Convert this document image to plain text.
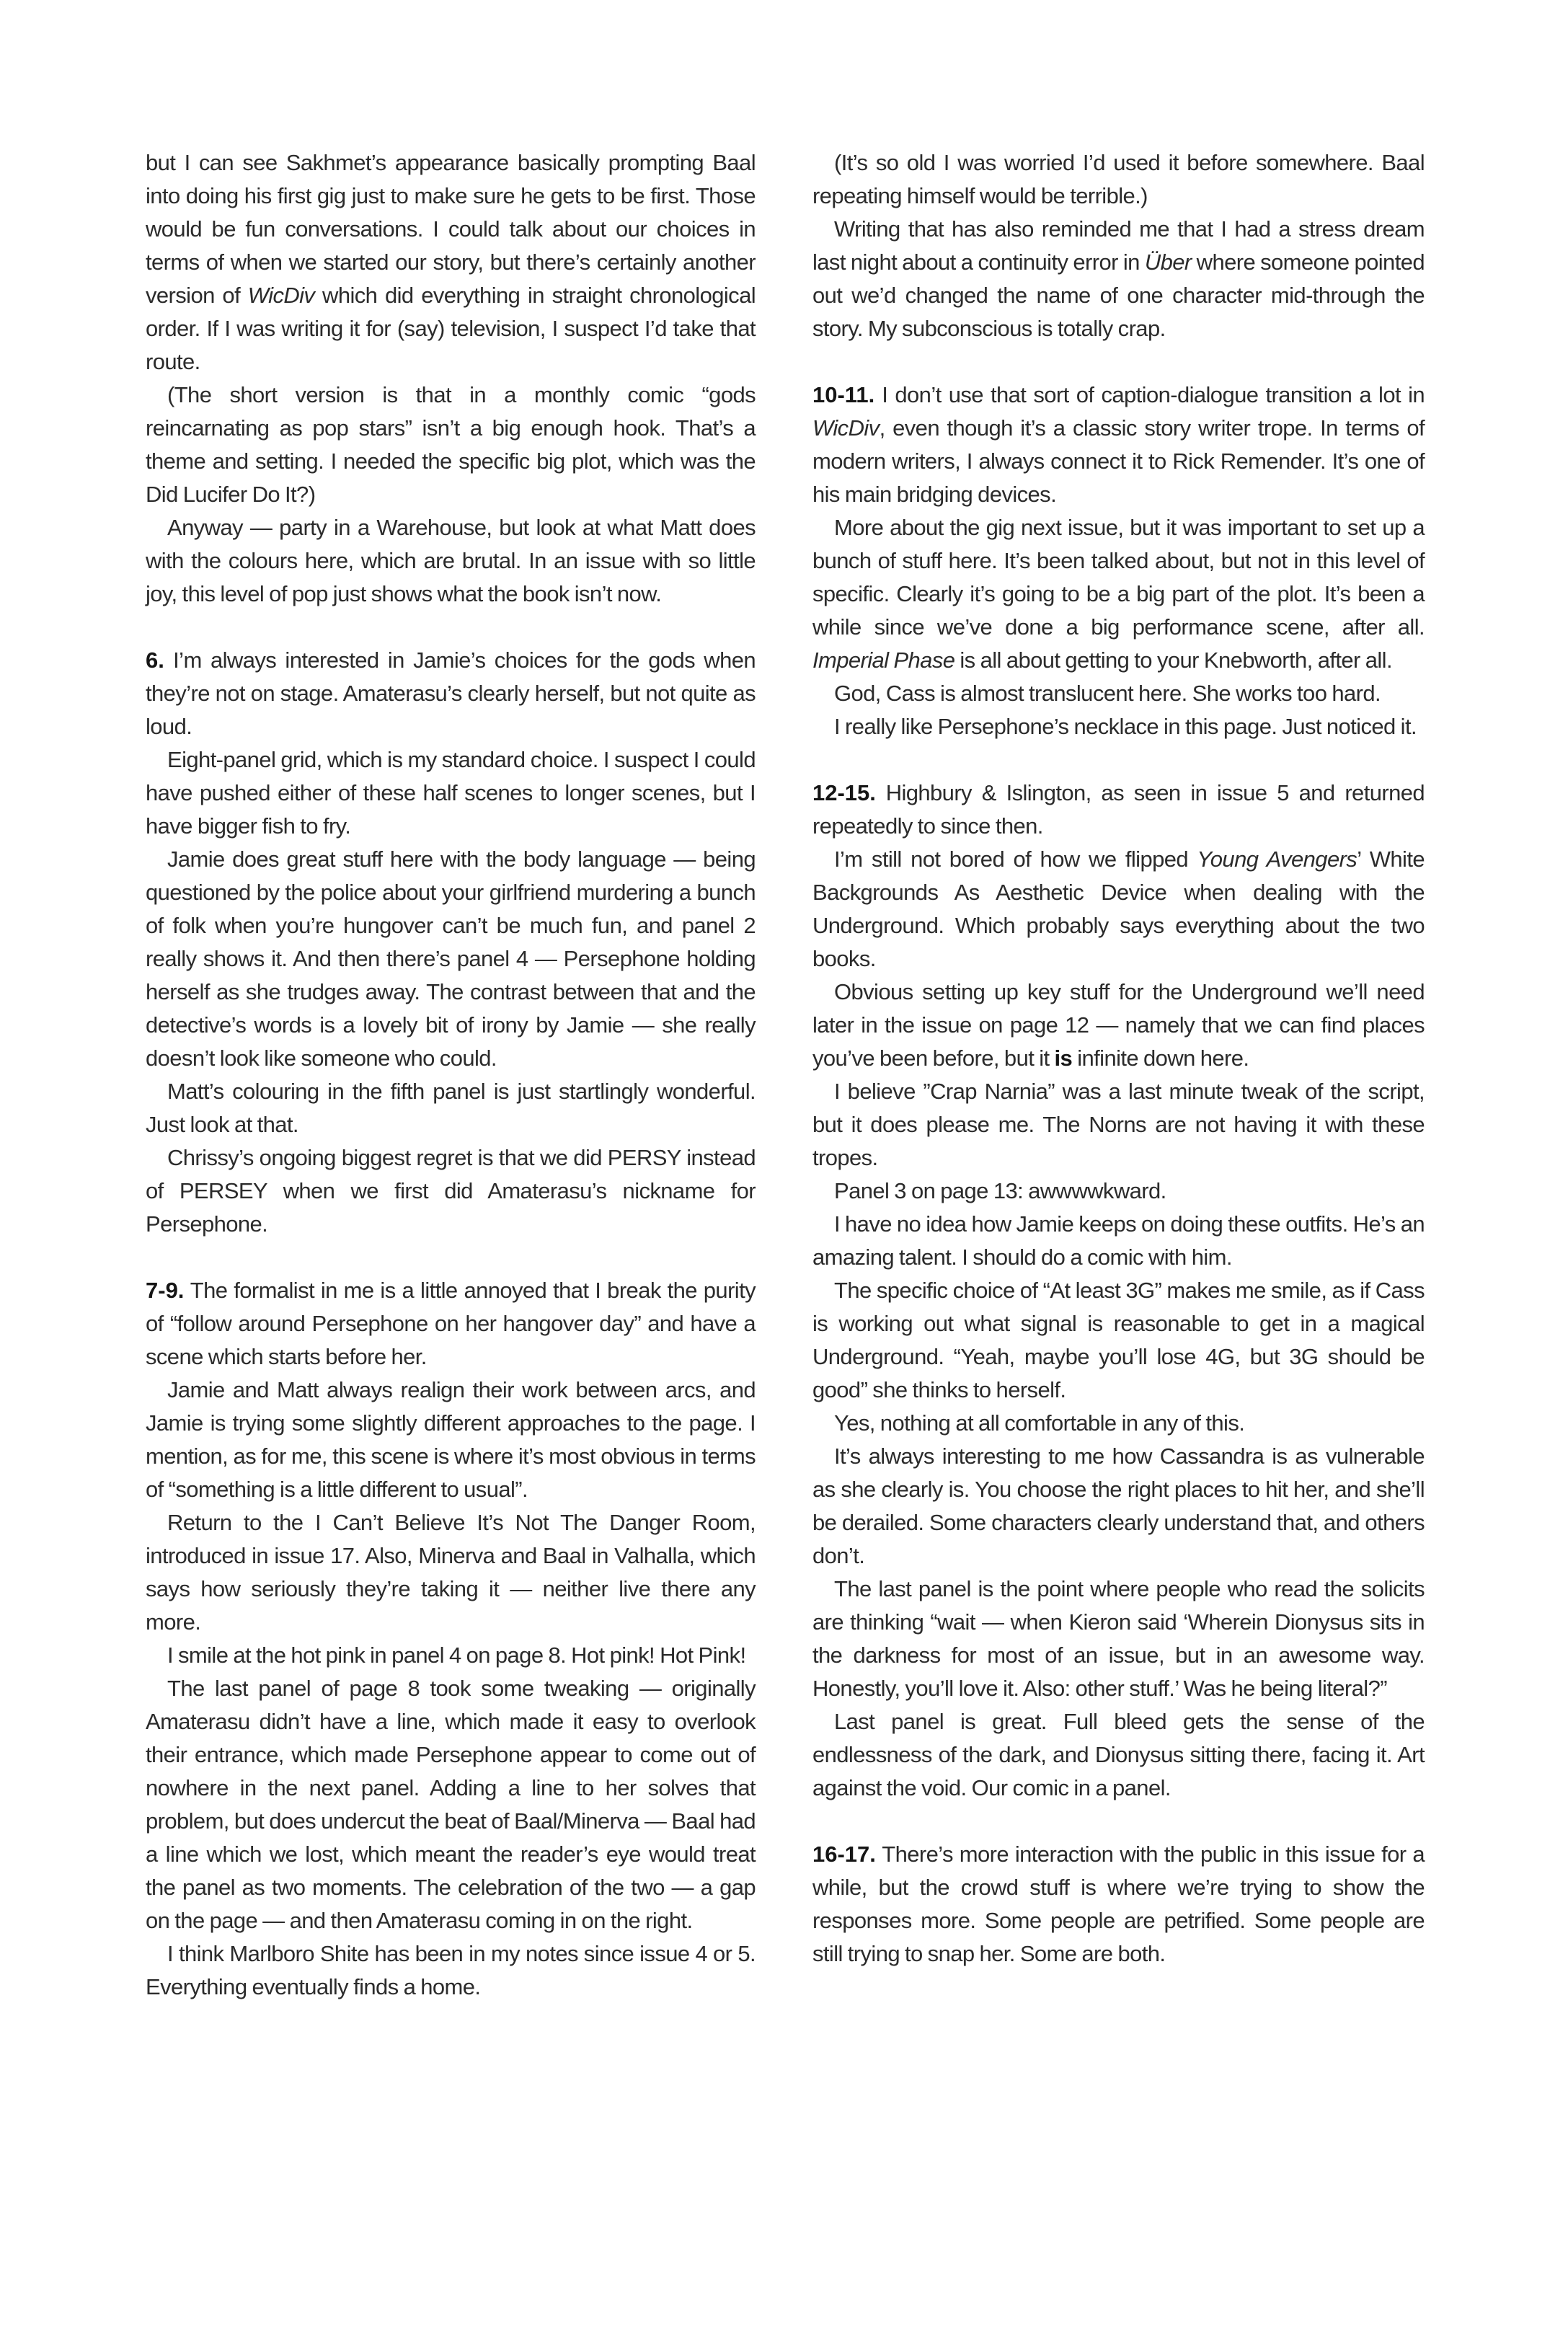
but I can see Sakhmet’s appearance basically prompting Baal into doing his first gig just to make sure he gets to be first. Those would be fun conversations. I could talk about our choices in terms of when we started our story, but there’s certainly another version of WicDiv which did everything in straight chronological order. If I was writing it for (say) television, I suspect I’d take that route.

(The short version is that in a monthly comic “gods reincarnating as pop stars” isn’t a big enough hook. That’s a theme and setting. I needed the specific big plot, which was the Did Lucifer Do It?)

Anyway — party in a Warehouse, but look at what Matt does with the colours here, which are brutal. In an issue with so little joy, this level of pop just shows what the book isn’t now.

6. I’m always interested in Jamie’s choices for the gods when they’re not on stage. Amaterasu’s clearly herself, but not quite as loud.

Eight-panel grid, which is my standard choice. I suspect I could have pushed either of these half scenes to longer scenes, but I have bigger fish to fry.

Jamie does great stuff here with the body language — being questioned by the police about your girlfriend murdering a bunch of folk when you’re hungover can’t be much fun, and panel 2 really shows it. And then there’s panel 4 — Persephone holding herself as she trudges away. The contrast between that and the detective’s words is a lovely bit of irony by Jamie — she really doesn’t look like someone who could.

Matt’s colouring in the fifth panel is just startlingly wonderful. Just look at that.

Chrissy’s ongoing biggest regret is that we did PERSY instead of PERSEY when we first did Amaterasu’s nickname for Persephone.

7-9. The formalist in me is a little annoyed that I break the purity of “follow around Persephone on her hangover day” and have a scene which starts before her.

Jamie and Matt always realign their work between arcs, and Jamie is trying some slightly different approaches to the page. I mention, as for me, this scene is where it’s most obvious in terms of “something is a little different to usual”.

Return to the I Can’t Believe It’s Not The Danger Room, introduced in issue 17. Also, Minerva and Baal in Valhalla, which says how seriously they’re taking it — neither live there any more.

I smile at the hot pink in panel 4 on page 8. Hot pink! Hot Pink!

The last panel of page 8 took some tweaking — originally Amaterasu didn’t have a line, which made it easy to overlook their entrance, which made Persephone appear to come out of nowhere in the next panel. Adding a line to her solves that problem, but does undercut the beat of Baal/Minerva — Baal had a line which we lost, which meant the reader’s eye would treat the panel as two moments. The celebration of the two — a gap on the page — and then Amaterasu coming in on the right.

I think Marlboro Shite has been in my notes since issue 4 or 5. Everything eventually finds a home.

(It’s so old I was worried I’d used it before somewhere. Baal repeating himself would be terrible.)

Writing that has also reminded me that I had a stress dream last night about a continuity error in Über where someone pointed out we’d changed the name of one character mid-through the story. My subconscious is totally crap.

10-11. I don’t use that sort of caption-dialogue transition a lot in WicDiv, even though it’s a classic story writer trope. In terms of modern writers, I always connect it to Rick Remender. It’s one of his main bridging devices.

More about the gig next issue, but it was important to set up a bunch of stuff here. It’s been talked about, but not in this level of specific. Clearly it’s going to be a big part of the plot. It’s been a while since we’ve done a big performance scene, after all. Imperial Phase is all about getting to your Knebworth, after all.

God, Cass is almost translucent here. She works too hard.

I really like Persephone’s necklace in this page. Just noticed it.

12-15. Highbury & Islington, as seen in issue 5 and returned repeatedly to since then.

I’m still not bored of how we flipped Young Avengers’ White Backgrounds As Aesthetic Device when dealing with the Underground. Which probably says everything about the two books.

Obvious setting up key stuff for the Underground we’ll need later in the issue on page 12 — namely that we can find places you’ve been before, but it is infinite down here.

I believe ”Crap Narnia” was a last minute tweak of the script, but it does please me. The Norns are not having it with these tropes.

Panel 3 on page 13: awwwwkward.

I have no idea how Jamie keeps on doing these outfits. He’s an amazing talent. I should do a comic with him.

The specific choice of “At least 3G” makes me smile, as if Cass is working out what signal is reasonable to get in a magical Underground. “Yeah, maybe you’ll lose 4G, but 3G should be good” she thinks to herself.

Yes, nothing at all comfortable in any of this.

It’s always interesting to me how Cassandra is as vulnerable as she clearly is. You choose the right places to hit her, and she’ll be derailed. Some characters clearly understand that, and others don’t.

The last panel is the point where people who read the solicits are thinking “wait — when Kieron said ‘Wherein Dionysus sits in the darkness for most of an issue, but in an awesome way. Honestly, you’ll love it. Also: other stuff.’ Was he being literal?”

Last panel is great. Full bleed gets the sense of the endlessness of the dark, and Dionysus sitting there, facing it. Art against the void. Our comic in a panel.

16-17. There’s more interaction with the public in this issue for a while, but the crowd stuff is where we’re trying to show the responses more. Some people are petrified. Some people are still trying to snap her. Some are both.
